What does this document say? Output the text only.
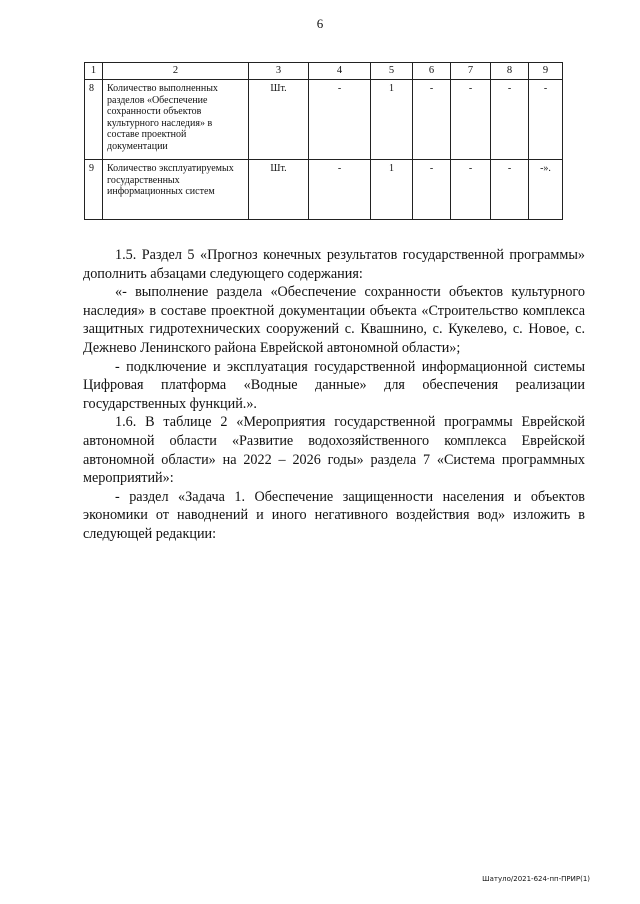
6
1	2	3	4	5	6	7	8	9
8	Количество выполненных разделов «Обеспечение сохранности объектов культурного наследия» в составе проектной документации	Шт.	-	1	-	-	-	-
9	Количество эксплуатируемых государственных информационных систем	Шт.	-	1	-	-	-	-».

1.5. Раздел 5 «Прогноз конечных результатов государственной программы» дополнить абзацами следующего содержания:

«- выполнение раздела «Обеспечение сохранности объектов культурного наследия» в составе проектной документации объекта «Строительство комплекса защитных гидротехнических сооружений с. Квашнино, с. Кукелево, с. Новое, с. Дежнево Ленинского района Еврейской автономной области»;

- подключение и эксплуатация государственной информационной системы Цифровая платформа «Водные данные» для обеспечения реализации государственных функций.».

1.6. В таблице 2 «Мероприятия государственной программы Еврейской автономной области «Развитие водохозяйственного комплекса Еврейской автономной области» на 2022 – 2026 годы» раздела 7 «Система программных мероприятий»:

- раздел «Задача 1. Обеспечение защищенности населения и объектов экономики от наводнений и иного негативного воздействия вод» изложить в следующей редакции:

Шатуло/2021-624-пп-ПРИР(1)
